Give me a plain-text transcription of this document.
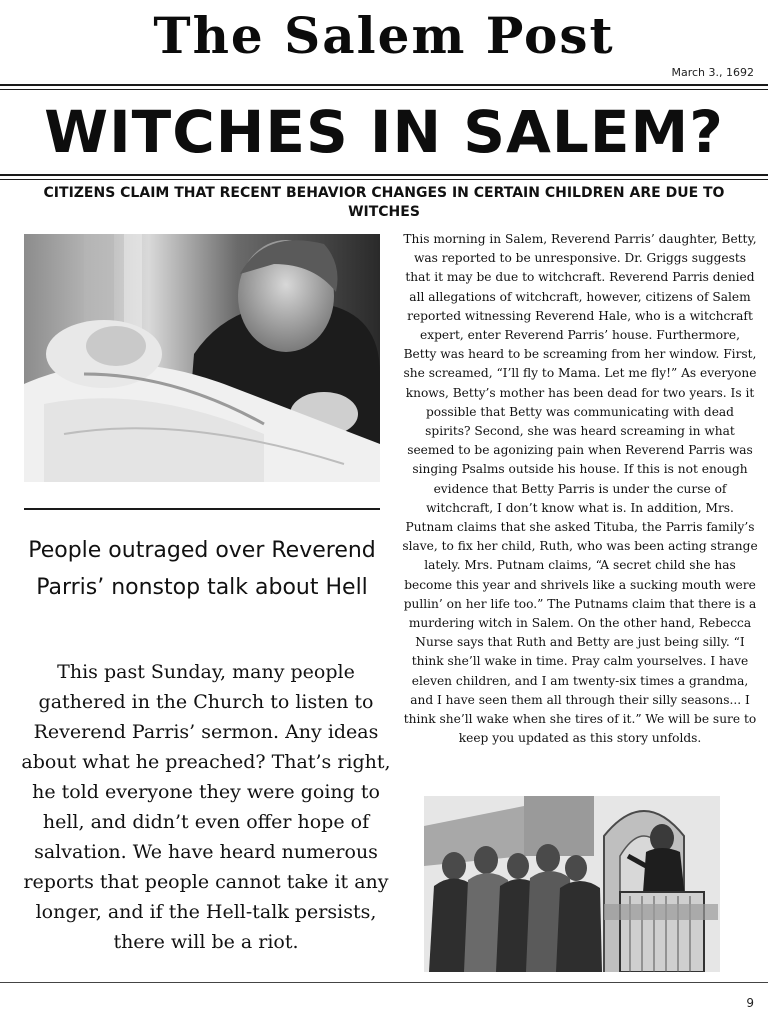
The Salem Post
March 3., 1692
WITCHES IN SALEM?
CITIZENS CLAIM THAT RECENT BEHAVIOR CHANGES IN CERTAIN CHILDREN ARE DUE TO WITCHES
People outraged over Reverend Parris’ nonstop talk about Hell
This past Sunday, many people gathered in the Church to listen to Reverend Parris’ sermon. Any ideas about what he preached? That’s right, he told everyone they were going to hell, and didn’t even offer hope of salvation. We have heard numerous reports that people cannot take it any longer, and if the Hell-talk persists, there will be a riot.
This morning in Salem, Reverend Parris’ daughter, Betty, was reported to be unresponsive. Dr. Griggs suggests that it may be due to witchcraft. Reverend Parris denied all allegations of witchcraft, however, citizens of Salem reported witnessing Reverend Hale, who is a witchcraft expert, enter Reverend Parris’ house. Furthermore, Betty was heard to be screaming from her window. First, she screamed, “I’ll fly to Mama. Let me fly!” As everyone knows, Betty’s mother has been dead for two years. Is it possible that Betty was communicating with dead spirits? Second, she was heard screaming in what seemed to be agonizing pain when Reverend Parris was singing Psalms outside his house. If this is not enough evidence that Betty Parris is under the curse of witchcraft, I don’t know what is. In addition, Mrs. Putnam claims that she asked Tituba, the Parris family’s slave, to fix her child, Ruth, who was been acting strange lately. Mrs. Putnam claims, “A secret child she has become this year and shrivels like a sucking mouth were pullin’ on her life too.” The Putnams claim that there is a murdering witch in Salem. On the other hand, Rebecca Nurse says that Ruth and Betty are just being silly. “I think she’ll wake in time. Pray calm yourselves. I have eleven children, and I am twenty-six times a grandma, and I have seen them all through their silly seasons... I think she’ll wake when she tires of it.” We will be sure to keep you updated as this story unfolds.
9
